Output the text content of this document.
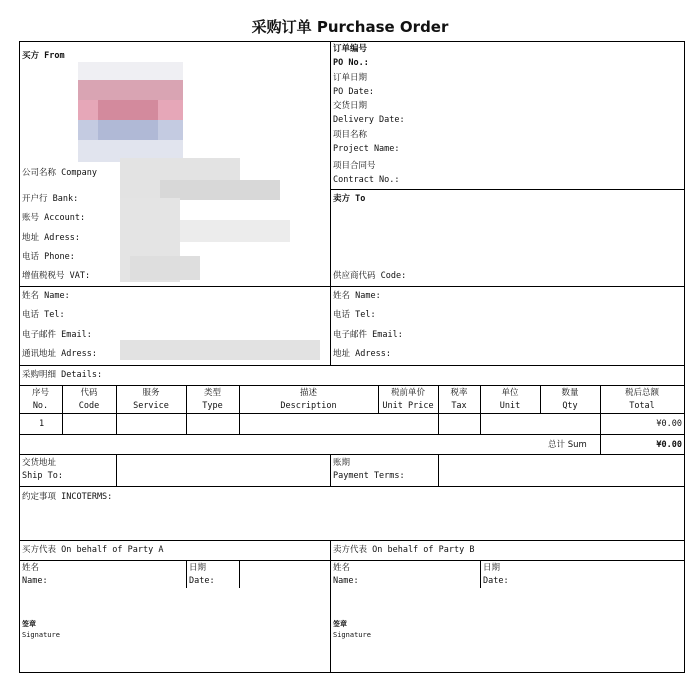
采购订单 Purchase Order
买方 From
公司名称 Company
开户行 Bank:
账号 Account:
地址 Adress:
电话 Phone:
增值税税号 VAT:
姓名 Name:
电话 Tel:
电子邮件 Email:
通讯地址 Adress:
订单编号
PO No.:
订单日期
PO Date:
交货日期
Delivery Date:
项目名称
Project Name:
项目合同号
Contract No.:
卖方 To
供应商代码 Code:
姓名 Name:
电话 Tel:
电子邮件 Email:
地址 Adress:
采购明细 Details:
序号
No.
代码
Code
服务
Service
类型
Type
描述
Description
税前单价
Unit Price
税率
Tax
单位
Unit
数量
Qty
税后总额
Total
1	¥0.00
总计 Sum	¥0.00
交货地址
Ship To:
账期
Payment Terms:
约定事项 INCOTERMS:
买方代表 On behalf of Party A
姓名
Name:
日期
Date:
签章
Signature
卖方代表 On behalf of Party B
姓名
Name:
日期
Date:
签章
Signature
